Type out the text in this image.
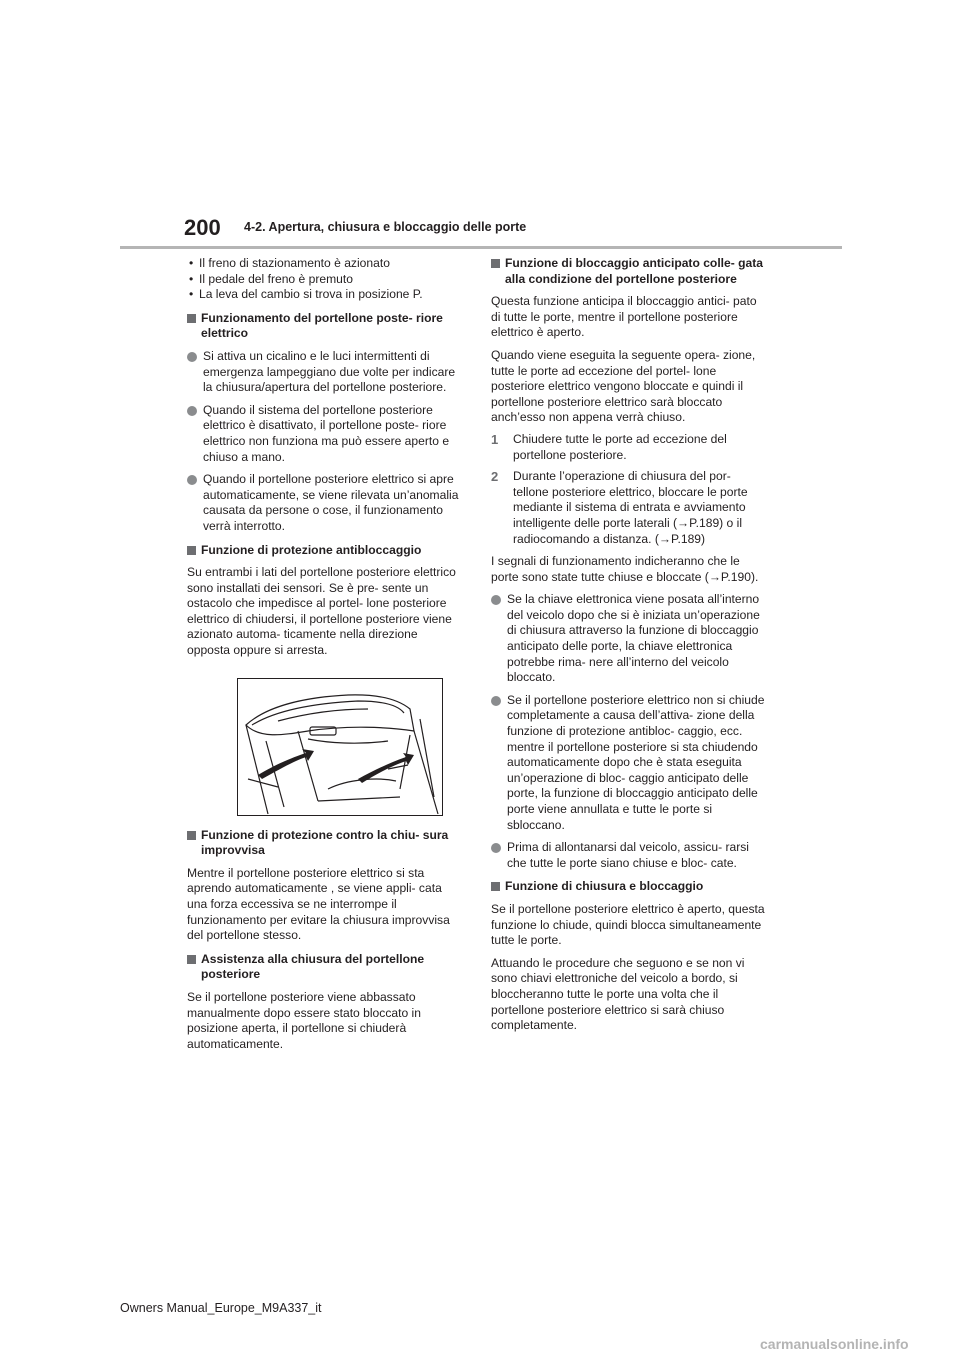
200 4-2. Apertura, chiusura e bloccaggio delle porte
• Il freno di stazionamento è azionato
• Il pedale del freno è premuto
• La leva del cambio si trova in posizione P.
Funzionamento del portellone poste- riore elettrico
Si attiva un cicalino e le luci intermittenti di emergenza lampeggiano due volte per indicare la chiusura/apertura del portellone posteriore.
Quando il sistema del portellone posteriore elettrico è disattivato, il portellone poste- riore elettrico non funziona ma può essere aperto e chiuso a mano.
Quando il portellone posteriore elettrico si apre automaticamente, se viene rilevata un’anomalia causata da persone o cose, il funzionamento verrà interrotto.
Funzione di protezione antibloccaggio
Su entrambi i lati del portellone posteriore elettrico sono installati dei sensori. Se è pre- sente un ostacolo che impedisce al portel- lone posteriore elettrico di chiudersi, il portellone posteriore viene azionato automa- ticamente nella direzione opposta oppure si arresta.
Funzione di protezione contro la chiu- sura improvvisa
Mentre il portellone posteriore elettrico si sta aprendo automaticamente , se viene appli- cata una forza eccessiva se ne interrompe il funzionamento per evitare la chiusura improvvisa del portellone stesso.
Assistenza alla chiusura del portellone posteriore
Se il portellone posteriore viene abbassato manualmente dopo essere stato bloccato in posizione aperta, il portellone si chiuderà automaticamente.
Funzione di bloccaggio anticipato colle- gata alla condizione del portellone posteriore
Questa funzione anticipa il bloccaggio antici- pato di tutte le porte, mentre il portellone posteriore elettrico è aperto.
Quando viene eseguita la seguente opera- zione, tutte le porte ad eccezione del portel- lone posteriore elettrico vengono bloccate e quindi il portellone posteriore elettrico sarà bloccato anch’esso non appena verrà chiuso.
1 Chiudere tutte le porte ad eccezione del portellone posteriore.
2 Durante l’operazione di chiusura del por- tellone posteriore elettrico, bloccare le porte mediante il sistema di entrata e avviamento intelligente delle porte laterali (→P.189) o il radiocomando a distanza. (→P.189)
I segnali di funzionamento indicheranno che le porte sono state tutte chiuse e bloccate (→P.190).
Se la chiave elettronica viene posata all’interno del veicolo dopo che si è iniziata un’operazione di chiusura attraverso la funzione di bloccaggio anticipato delle porte, la chiave elettronica potrebbe rima- nere all’interno del veicolo bloccato.
Se il portellone posteriore elettrico non si chiude completamente a causa dell’attiva- zione della funzione di protezione antibloc- caggio, ecc. mentre il portellone posteriore si sta chiudendo automaticamente dopo che è stata eseguita un’operazione di bloc- caggio anticipato delle porte, la funzione di bloccaggio anticipato delle porte viene annullata e tutte le porte si sbloccano.
Prima di allontanarsi dal veicolo, assicu- rarsi che tutte le porte siano chiuse e bloc- cate.
Funzione di chiusura e bloccaggio
Se il portellone posteriore elettrico è aperto, questa funzione lo chiude, quindi blocca simultaneamente tutte le porte.
Attuando le procedure che seguono e se non vi sono chiavi elettroniche del veicolo a bordo, si bloccheranno tutte le porte una volta che il portellone posteriore elettrico si sarà chiuso completamente.
Owners Manual_Europe_M9A337_it
carmanualsonline.info
